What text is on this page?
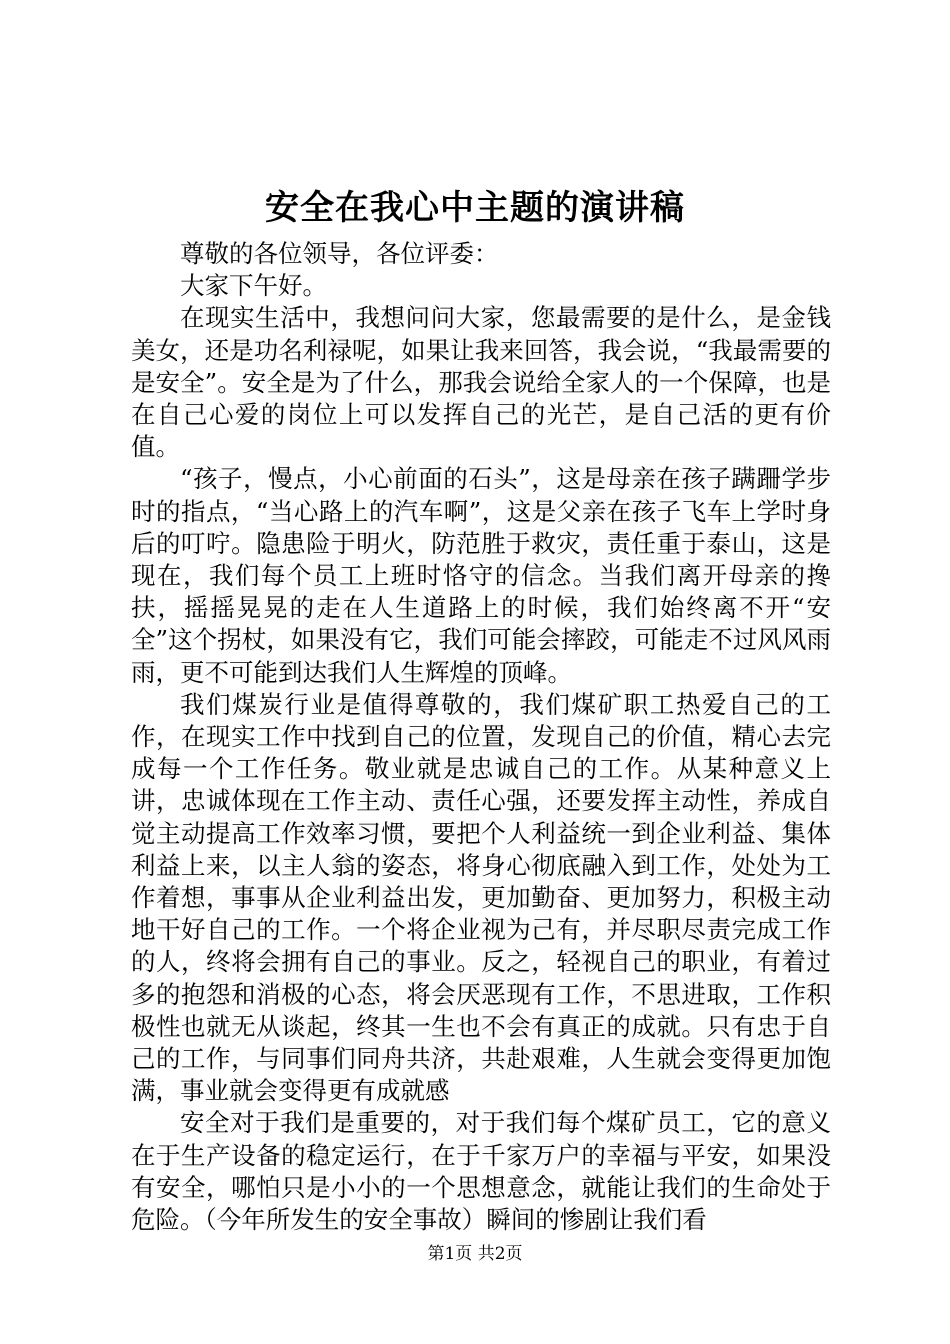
安全在我心中主题的演讲稿

尊敬的各位领导，各位评委：

大家下午好。

在现实生活中，我想问问大家，您最需要的是什么，是金钱美女，还是功名利禄呢，如果让我来回答，我会说，“我最需要的是安全”。安全是为了什么，那我会说给全家人的一个保障，也是在自己心爱的岗位上可以发挥自己的光芒，是自己活的更有价值。

“孩子，慢点，小心前面的石头”，这是母亲在孩子蹒跚学步时的指点，“当心路上的汽车啊”，这是父亲在孩子飞车上学时身后的叮咛。隐患险于明火，防范胜于救灾，责任重于泰山，这是现在，我们每个员工上班时恪守的信念。当我们离开母亲的搀扶，摇摇晃晃的走在人生道路上的时候，我们始终离不开“安全”这个拐杖，如果没有它，我们可能会摔跤，可能走不过风风雨雨，更不可能到达我们人生辉煌的顶峰。

我们煤炭行业是值得尊敬的，我们煤矿职工热爱自己的工作，在现实工作中找到自己的位置，发现自己的价值，精心去完成每一个工作任务。敬业就是忠诚自己的工作。从某种意义上讲，忠诚体现在工作主动、责任心强，还要发挥主动性，养成自觉主动提高工作效率习惯，要把个人利益统一到企业利益、集体利益上来，以主人翁的姿态，将身心彻底融入到工作，处处为工作着想，事事从企业利益出发，更加勤奋、更加努力，积极主动地干好自己的工作。一个将企业视为己有，并尽职尽责完成工作的人，终将会拥有自己的事业。反之，轻视自己的职业，有着过多的抱怨和消极的心态，将会厌恶现有工作，不思进取，工作积极性也就无从谈起，终其一生也不会有真正的成就。只有忠于自己的工作，与同事们同舟共济，共赴艰难，人生就会变得更加饱满，事业就会变得更有成就感

安全对于我们是重要的，对于我们每个煤矿员工，它的意义在于生产设备的稳定运行，在于千家万户的幸福与平安，如果没有安全，哪怕只是小小的一个思想意念，就能让我们的生命处于危险。（今年所发生的安全事故）瞬间的惨剧让我们看

第1页 共2页
